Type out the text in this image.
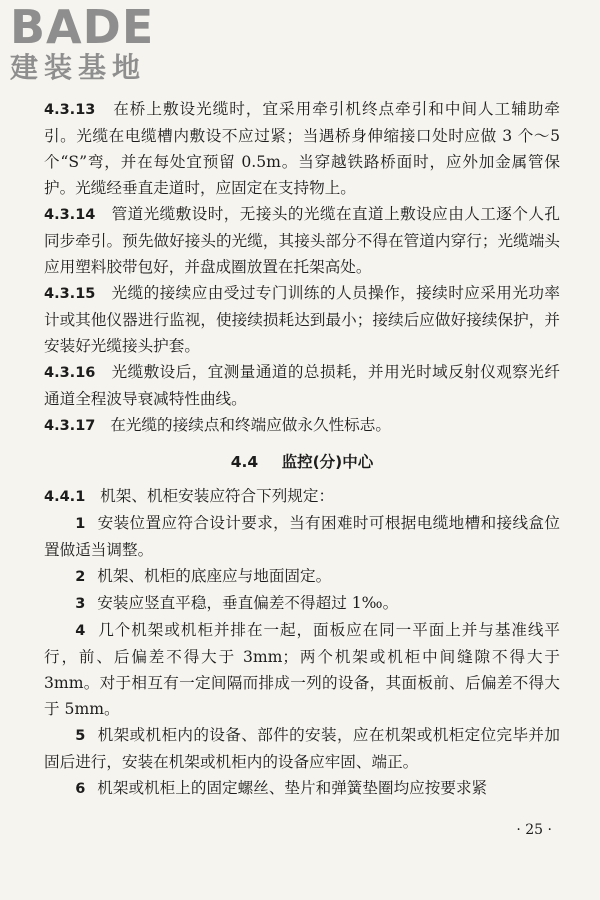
BADE
建装基地

4.3.13 在桥上敷设光缆时，宜采用牵引机终点牵引和中间人工辅助牵引。光缆在电缆槽内敷设不应过紧；当遇桥身伸缩接口处时应做 3 个～5 个“S”弯，并在每处宜预留 0.5m。当穿越铁路桥面时，应外加金属管保护。光缆经垂直走道时，应固定在支持物上。

4.3.14 管道光缆敷设时，无接头的光缆在直道上敷设应由人工逐个人孔同步牵引。预先做好接头的光缆，其接头部分不得在管道内穿行；光缆端头应用塑料胶带包好，并盘成圈放置在托架高处。

4.3.15 光缆的接续应由受过专门训练的人员操作，接续时应采用光功率计或其他仪器进行监视，使接续损耗达到最小；接续后应做好接续保护，并安装好光缆接头护套。

4.3.16 光缆敷设后，宜测量通道的总损耗，并用光时域反射仪观察光纤通道全程波导衰减特性曲线。

4.3.17 在光缆的接续点和终端应做永久性标志。

4.4 监控(分)中心

4.4.1 机架、机柜安装应符合下列规定：

1 安装位置应符合设计要求，当有困难时可根据电缆地槽和接线盒位置做适当调整。

2 机架、机柜的底座应与地面固定。

3 安装应竖直平稳，垂直偏差不得超过 1‰。

4 几个机架或机柜并排在一起，面板应在同一平面上并与基准线平行，前、后偏差不得大于 3mm；两个机架或机柜中间缝隙不得大于 3mm。对于相互有一定间隔而排成一列的设备，其面板前、后偏差不得大于 5mm。

5 机架或机柜内的设备、部件的安装，应在机架或机柜定位完毕并加固后进行，安装在机架或机柜内的设备应牢固、端正。

6 机架或机柜上的固定螺丝、垫片和弹簧垫圈均应按要求紧

· 25 ·
